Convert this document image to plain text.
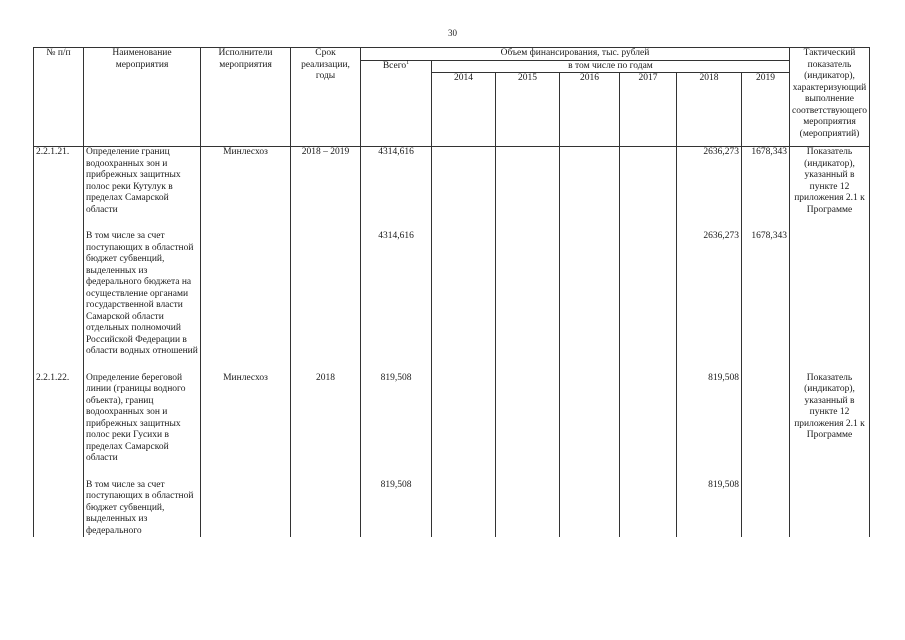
30
№ п/п	Наименование мероприятия	Исполнители мероприятия	Срок реализации, годы	Объем финансирования, тыс. рублей							Тактический показатель (индикатор), характеризующий выполнение соответствующего мероприятия (мероприятий)
				Всего$^1$	в том числе по годам						
					2014	2015	2016	2017	2018	2019	
2.2.1.21.	Определение границ водоохранных зон и прибрежных защитных полос реки Кутулук в пределах Самарской области	Минлесхоз	2018 – 2019	4314,616					2636,273	1678,343	Показатель (индикатор), указанный в пункте 12 приложения 2.1 к Программе

	В том числе за счет поступающих в областной бюджет субвенций, выделенных из федерального бюджета на осуществление органами государственной власти Самарской области отдельных полномочий Российской Федерации в области водных отношений			4314,616					2636,273	1678,343	

2.2.1.22.	Определение береговой линии (границы водного объекта), границ водоохранных зон и прибрежных защитных полос реки Гусихи в пределах Самарской области	Минлесхоз	2018	819,508					819,508		Показатель (индикатор), указанный в пункте 12 приложения 2.1 к Программе

	В том числе за счет поступающих в областной бюджет субвенций, выделенных из федерального			819,508					819,508		
